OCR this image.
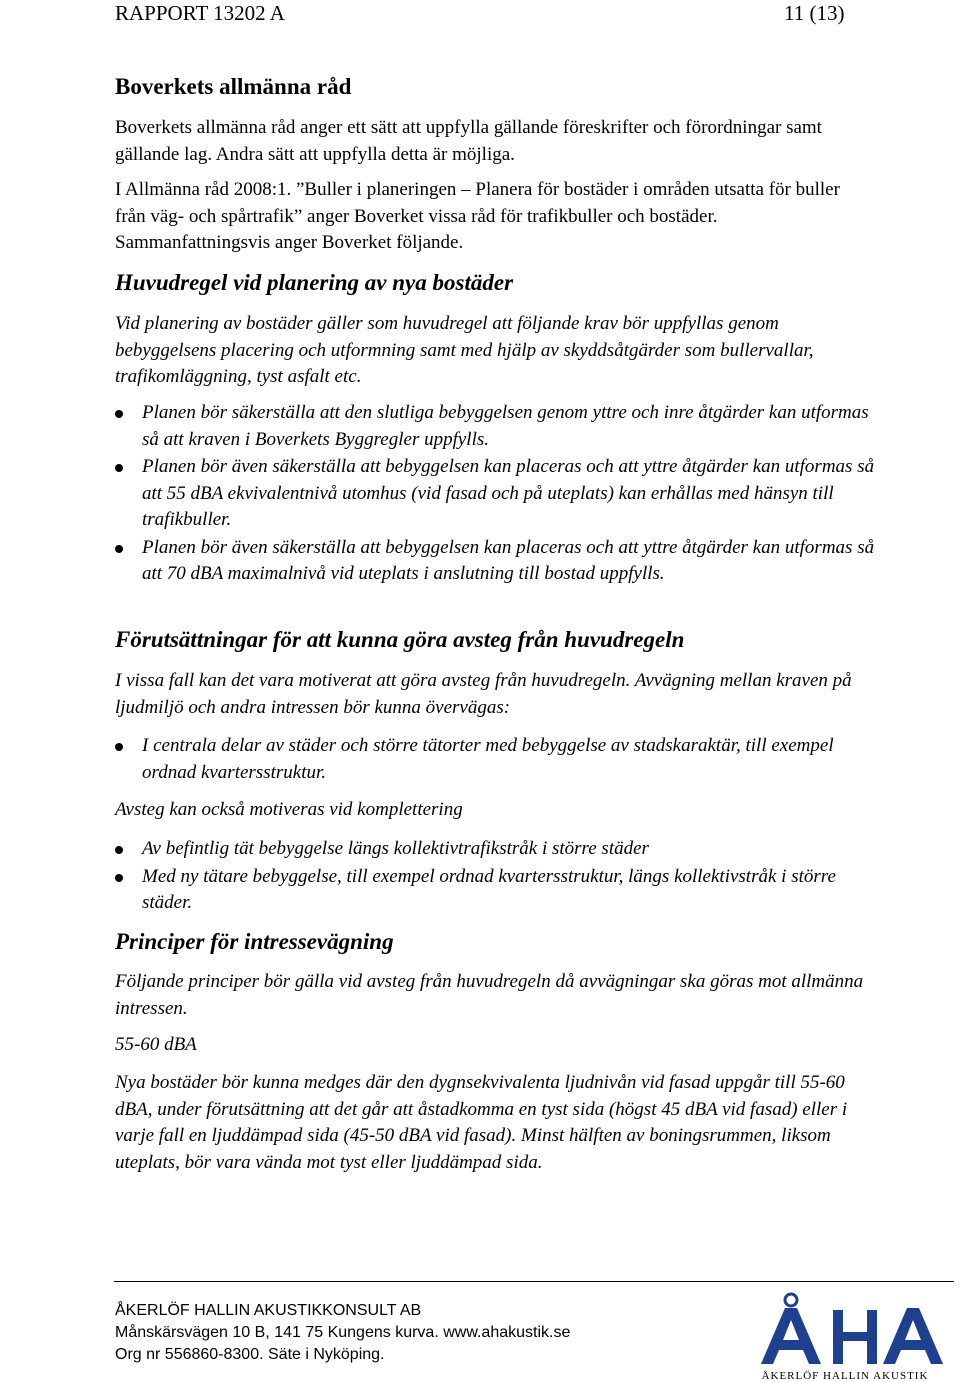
RAPPORT 13202 A	11 (13)
Boverkets allmänna råd
Boverkets allmänna råd anger ett sätt att uppfylla gällande föreskrifter och förordningar samt gällande lag. Andra sätt att uppfylla detta är möjliga.
I Allmänna råd 2008:1. ”Buller i planeringen – Planera för bostäder i områden utsatta för buller från väg- och spårtrafik” anger Boverket vissa råd för trafikbuller och bostäder. Sammanfattningsvis anger Boverket följande.
Huvudregel vid planering av nya bostäder
Vid planering av bostäder gäller som huvudregel att följande krav bör uppfyllas genom bebyggelsens placering och utformning samt med hjälp av skyddsåtgärder som bullervallar, trafikomläggning, tyst asfalt etc.
Planen bör säkerställa att den slutliga bebyggelsen genom yttre och inre åtgärder kan utformas så att kraven i Boverkets Byggregler uppfylls.
Planen bör även säkerställa att bebyggelsen kan placeras och att yttre åtgärder kan utformas så att 55 dBA ekvivalentnivå utomhus (vid fasad och på uteplats) kan erhållas med hänsyn till trafikbuller.
Planen bör även säkerställa att bebyggelsen kan placeras och att yttre åtgärder kan utformas så att 70 dBA maximalnivå vid uteplats i anslutning till bostad uppfylls.
Förutsättningar för att kunna göra avsteg från huvudregeln
I vissa fall kan det vara motiverat att göra avsteg från huvudregeln. Avvägning mellan kraven på ljudmiljö och andra intressen bör kunna övervägas:
I centrala delar av städer och större tätorter med bebyggelse av stadskaraktär, till exempel ordnad kvartersstruktur.
Avsteg kan också motiveras vid komplettering
Av befintlig tät bebyggelse längs kollektivtrafikstråk i större städer
Med ny tätare bebyggelse, till exempel ordnad kvartersstruktur, längs kollektivstråk i större städer.
Principer för intressevägning
Följande principer bör gälla vid avsteg från huvudregeln då avvägningar ska göras mot allmänna intressen.
55-60 dBA
Nya bostäder bör kunna medges där den dygnsekvivalenta ljudnivån vid fasad uppgår till 55-60 dBA, under förutsättning att det går att åstadkomma en tyst sida (högst 45 dBA vid fasad) eller i varje fall en ljuddämpad sida (45-50 dBA vid fasad). Minst hälften av boningsrummen, liksom uteplats, bör vara vända mot tyst eller ljuddämpad sida.
ÅKERLÖF HALLIN AKUSTIKKONSULT AB
Månskärsvägen 10 B, 141 75 Kungens kurva. www.ahakustik.se
Org nr 556860-8300. Säte i Nyköping.
ÅKERLÖF HALLIN AKUSTIK
